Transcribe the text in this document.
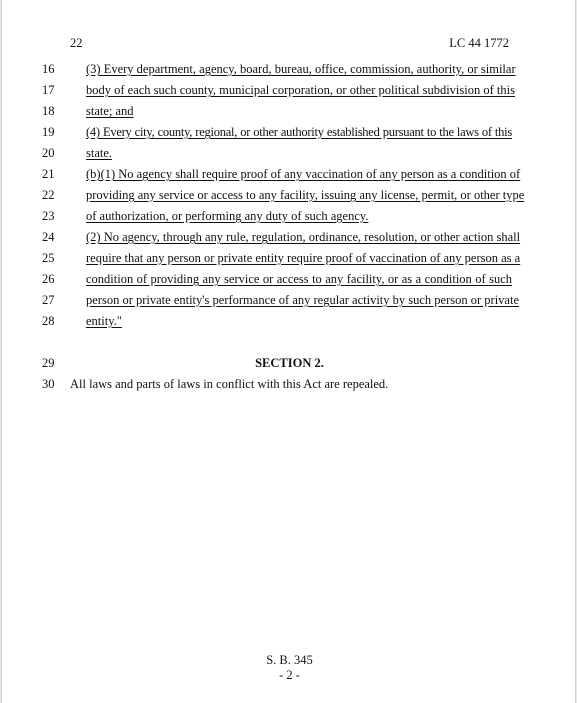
22	LC 44 1772
16	(3) Every department, agency, board, bureau, office, commission, authority, or similar
17	body of each such county, municipal corporation, or other political subdivision of this
18	state; and
19	(4) Every city, county, regional, or other authority established pursuant to the laws of this
20	state.
21	(b)(1) No agency shall require proof of any vaccination of any person as a condition of
22	providing any service or access to any facility, issuing any license, permit, or other type
23	of authorization, or performing any duty of such agency.
24	(2) No agency, through any rule, regulation, ordinance, resolution, or other action shall
25	require that any person or private entity require proof of vaccination of any person as a
26	condition of providing any service or access to any facility, or as a condition of such
27	person or private entity's performance of any regular activity by such person or private
28	entity."
29	SECTION 2.
30	All laws and parts of laws in conflict with this Act are repealed.
S. B. 345
- 2 -
